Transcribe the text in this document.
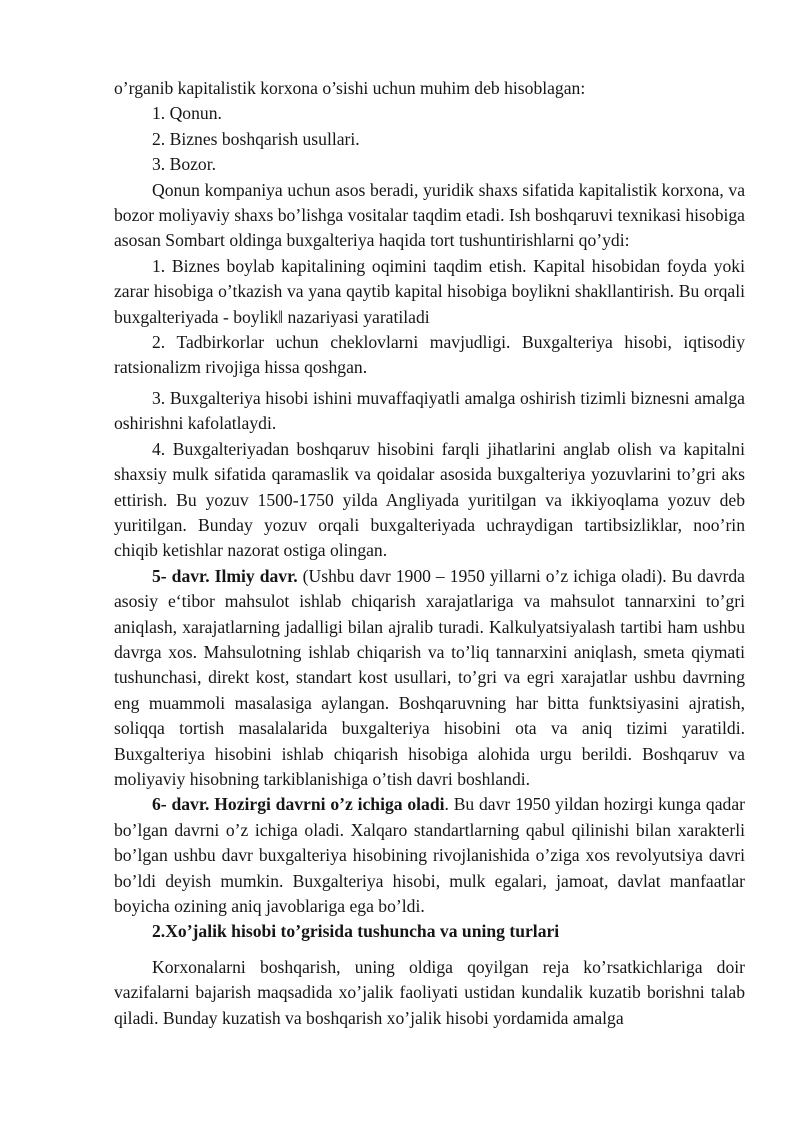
o’rganib kapitalistik korxona o’sishi uchun muhim deb hisoblagan:

1. Qonun.

2. Biznes boshqarish usullari.

3. Bozor.

Qonun kompaniya uchun asos beradi, yuridik shaxs sifatida kapitalistik korxona, va bozor moliyaviy shaxs bo’lishga vositalar taqdim etadi. Ish boshqaruvi texnikasi hisobiga asosan Sombart oldinga buxgalteriya haqida tort tushuntirishlarni qo’ydi:

1. Biznes boylab kapitalining oqimini taqdim etish. Kapital hisobidan foyda yoki zarar hisobiga o’tkazish va yana qaytib kapital hisobiga boylikni shakllantirish. Bu orqali buxgalteriyada - boylik‖ nazariyasi yaratiladi

2. Tadbirkorlar uchun cheklovlarni mavjudligi. Buxgalteriya hisobi, iqtisodiy ratsionalizm rivojiga hissa qoshgan.

3. Buxgalteriya hisobi ishini muvaffaqiyatli amalga oshirish tizimli biznesni amalga oshirishni kafolatlaydi.

4. Buxgalteriyadan boshqaruv hisobini farqli jihatlarini anglab olish va kapitalni shaxsiy mulk sifatida qaramaslik va qoidalar asosida buxgalteriya yozuvlarini to’gri aks ettirish. Bu yozuv 1500-1750 yilda Angliyada yuritilgan va ikkiyoqlama yozuv deb yuritilgan. Bunday yozuv orqali buxgalteriyada uchraydigan tartibsizliklar, noo’rin chiqib ketishlar nazorat ostiga olingan.

5- davr. Ilmiy davr. (Ushbu davr 1900 – 1950 yillarni o’z ichiga oladi). Bu davrda asosiy e‘tibor mahsulot ishlab chiqarish xarajatlariga va mahsulot tannarxini to’gri aniqlash, xarajatlarning jadalligi bilan ajralib turadi. Kalkulyatsiyalash tartibi ham ushbu davrga xos. Mahsulotning ishlab chiqarish va to’liq tannarxini aniqlash, smeta qiymati tushunchasi, direkt kost, standart kost usullari, to’gri va egri xarajatlar ushbu davrning eng muammoli masalasiga aylangan. Boshqaruvning har bitta funktsiyasini ajratish, soliqqa tortish masalalarida buxgalteriya hisobini ota va aniq tizimi yaratildi. Buxgalteriya hisobini ishlab chiqarish hisobiga alohida urgu berildi. Boshqaruv va moliyaviy hisobning tarkiblanishiga o’tish davri boshlandi.

6- davr. Hozirgi davrni o’z ichiga oladi. Bu davr 1950 yildan hozirgi kunga qadar bo’lgan davrni o’z ichiga oladi. Xalqaro standartlarning qabul qilinishi bilan xarakterli bo’lgan ushbu davr buxgalteriya hisobining rivojlanishida o’ziga xos revolyutsiya davri bo’ldi deyish mumkin. Buxgalteriya hisobi, mulk egalari, jamoat, davlat manfaatlar boyicha ozining aniq javoblariga ega bo’ldi.

2.Xo’jalik hisobi to’grisida tushuncha va uning turlari

Korxonalarni boshqarish, uning oldiga qoyilgan reja ko’rsatkichlariga doir vazifalarni bajarish maqsadida xo’jalik faoliyati ustidan kundalik kuzatib borishni talab qiladi. Bunday kuzatish va boshqarish xo’jalik hisobi yordamida amalga
